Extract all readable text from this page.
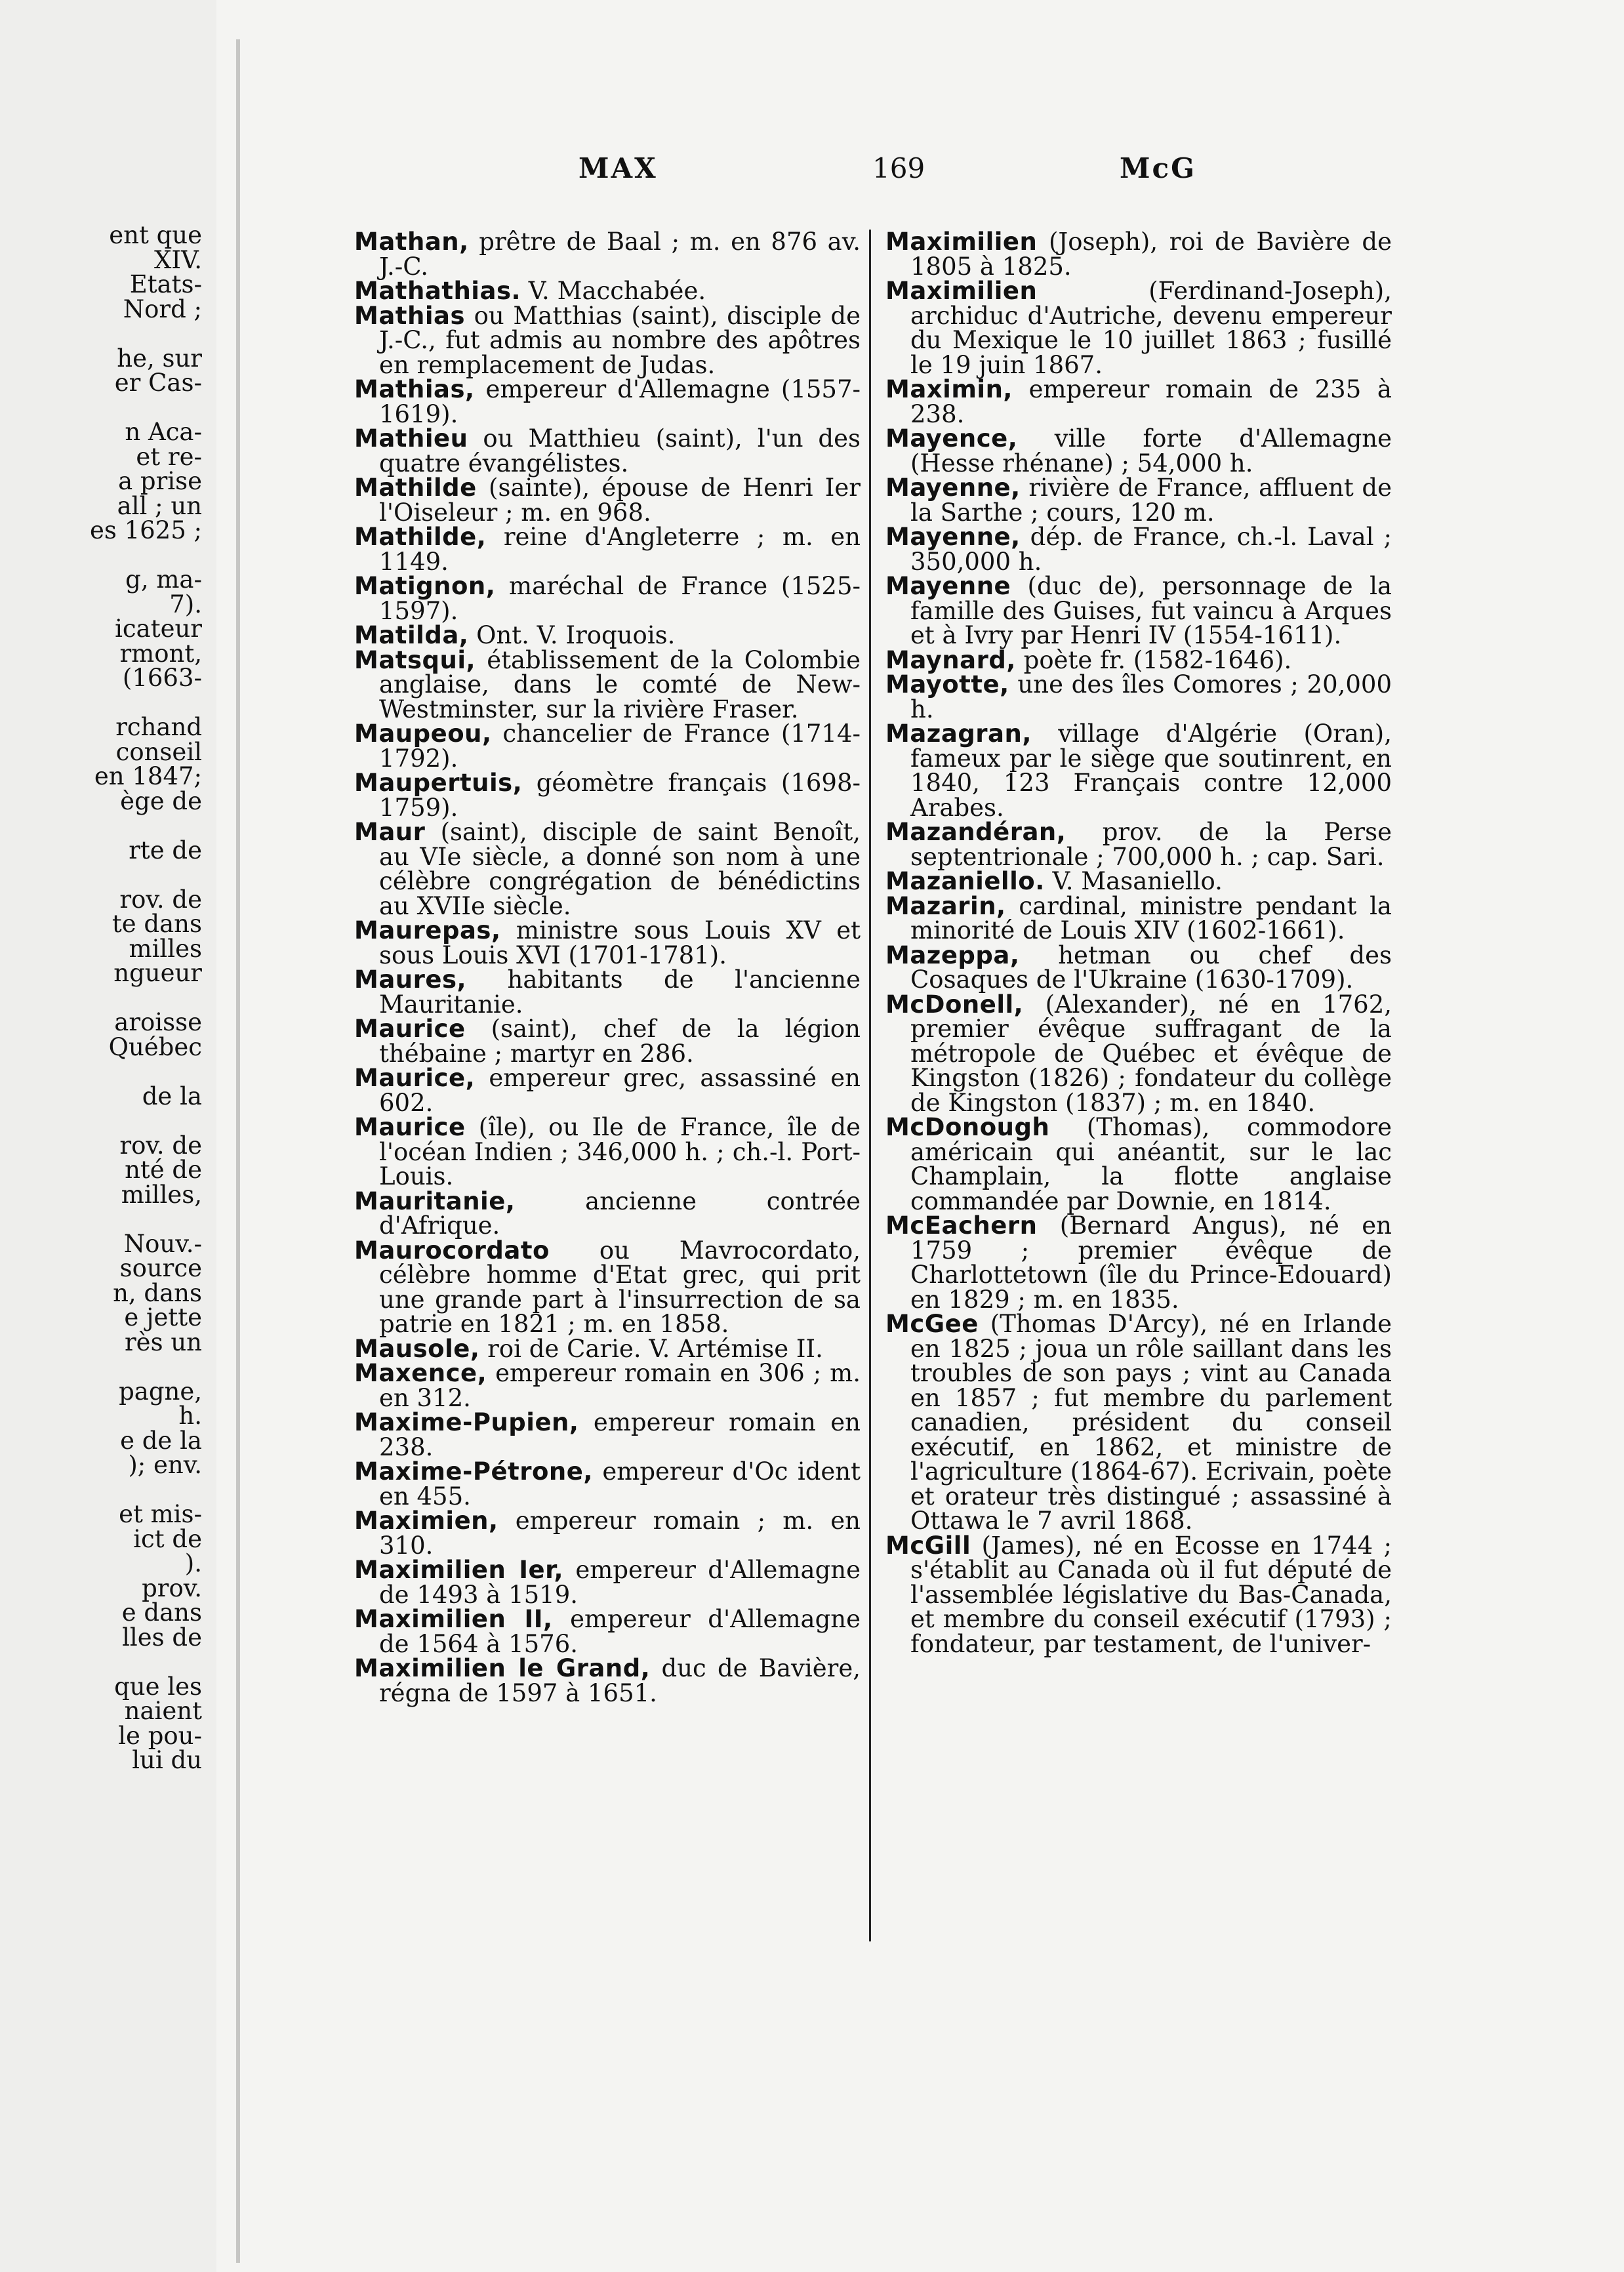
ent que
XIV.
Etats-
Nord ;
he, sur
er Cas-
n Aca-
et re-
a prise
all ; un
es 1625 ;
g, ma-
7).
icateur
rmont,
(1663-
rchand
conseil
en 1847;
ège de
rte de
rov. de
te dans
milles
ngueur
aroisse
Québec
de la
rov. de
nté de
milles,
Nouv.-
source
n, dans
e jette
rès un
pagne,
h.
e de la
); env.
et mis-
ict de
).
prov.
e dans
lles de
que les
naient
le pou-
lui du
MAX	169	McG

Mathan, prêtre de Baal ; m. en 876 av. J.-C.

Mathathias. V. Macchabée.

Mathias ou Matthias (saint), disciple de J.-C., fut admis au nombre des apôtres en remplacement de Judas.

Mathias, empereur d'Allemagne (1557-1619).

Mathieu ou Matthieu (saint), l'un des quatre évangélistes.

Mathilde (sainte), épouse de Henri Ier l'Oiseleur ; m. en 968.

Mathilde, reine d'Angleterre ; m. en 1149.

Matignon, maréchal de France (1525-1597).

Matilda, Ont. V. Iroquois.

Matsqui, établissement de la Colombie anglaise, dans le comté de New-Westminster, sur la rivière Fraser.

Maupeou, chancelier de France (1714-1792).

Maupertuis, géomètre français (1698-1759).

Maur (saint), disciple de saint Benoît, au VIe siècle, a donné son nom à une célèbre congrégation de bénédictins au XVIIe siècle.

Maurepas, ministre sous Louis XV et sous Louis XVI (1701-1781).

Maures, habitants de l'ancienne Mauritanie.

Maurice (saint), chef de la légion thébaine ; martyr en 286.

Maurice, empereur grec, assassiné en 602.

Maurice (île), ou Ile de France, île de l'océan Indien ; 346,000 h. ; ch.-l. Port-Louis.

Mauritanie, ancienne contrée d'Afrique.

Maurocordato ou Mavrocordato, célèbre homme d'Etat grec, qui prit une grande part à l'insurrection de sa patrie en 1821 ; m. en 1858.

Mausole, roi de Carie. V. Artémise II.

Maxence, empereur romain en 306 ; m. en 312.

Maxime-Pupien, empereur romain en 238.

Maxime-Pétrone, empereur d'Oc ident en 455.

Maximien, empereur romain ; m. en 310.

Maximilien Ier, empereur d'Allemagne de 1493 à 1519.

Maximilien II, empereur d'Allemagne de 1564 à 1576.

Maximilien le Grand, duc de Bavière, régna de 1597 à 1651.

Maximilien (Joseph), roi de Bavière de 1805 à 1825.

Maximilien (Ferdinand-Joseph), archiduc d'Autriche, devenu empereur du Mexique le 10 juillet 1863 ; fusillé le 19 juin 1867.

Maximin, empereur romain de 235 à 238.

Mayence, ville forte d'Allemagne (Hesse rhénane) ; 54,000 h.

Mayenne, rivière de France, affluent de la Sarthe ; cours, 120 m.

Mayenne, dép. de France, ch.-l. Laval ; 350,000 h.

Mayenne (duc de), personnage de la famille des Guises, fut vaincu à Arques et à Ivry par Henri IV (1554-1611).

Maynard, poète fr. (1582-1646).

Mayotte, une des îles Comores ; 20,000 h.

Mazagran, village d'Algérie (Oran), fameux par le siège que soutinrent, en 1840, 123 Français contre 12,000 Arabes.

Mazandéran, prov. de la Perse septentrionale ; 700,000 h. ; cap. Sari.

Mazaniello. V. Masaniello.

Mazarin, cardinal, ministre pendant la minorité de Louis XIV (1602-1661).

Mazeppa, hetman ou chef des Cosaques de l'Ukraine (1630-1709).

McDonell, (Alexander), né en 1762, premier évêque suffragant de la métropole de Québec et évêque de Kingston (1826) ; fondateur du collège de Kingston (1837) ; m. en 1840.

McDonough (Thomas), commodore américain qui anéantit, sur le lac Champlain, la flotte anglaise commandée par Downie, en 1814.

McEachern (Bernard Angus), né en 1759 ; premier évêque de Charlottetown (île du Prince-Edouard) en 1829 ; m. en 1835.

McGee (Thomas D'Arcy), né en Irlande en 1825 ; joua un rôle saillant dans les troubles de son pays ; vint au Canada en 1857 ; fut membre du parlement canadien, président du conseil exécutif, en 1862, et ministre de l'agriculture (1864-67). Ecrivain, poète et orateur très distingué ; assassiné à Ottawa le 7 avril 1868.

McGill (James), né en Ecosse en 1744 ; s'établit au Canada où il fut député de l'assemblée législative du Bas-Canada, et membre du conseil exécutif (1793) ; fondateur, par testament, de l'univer-
